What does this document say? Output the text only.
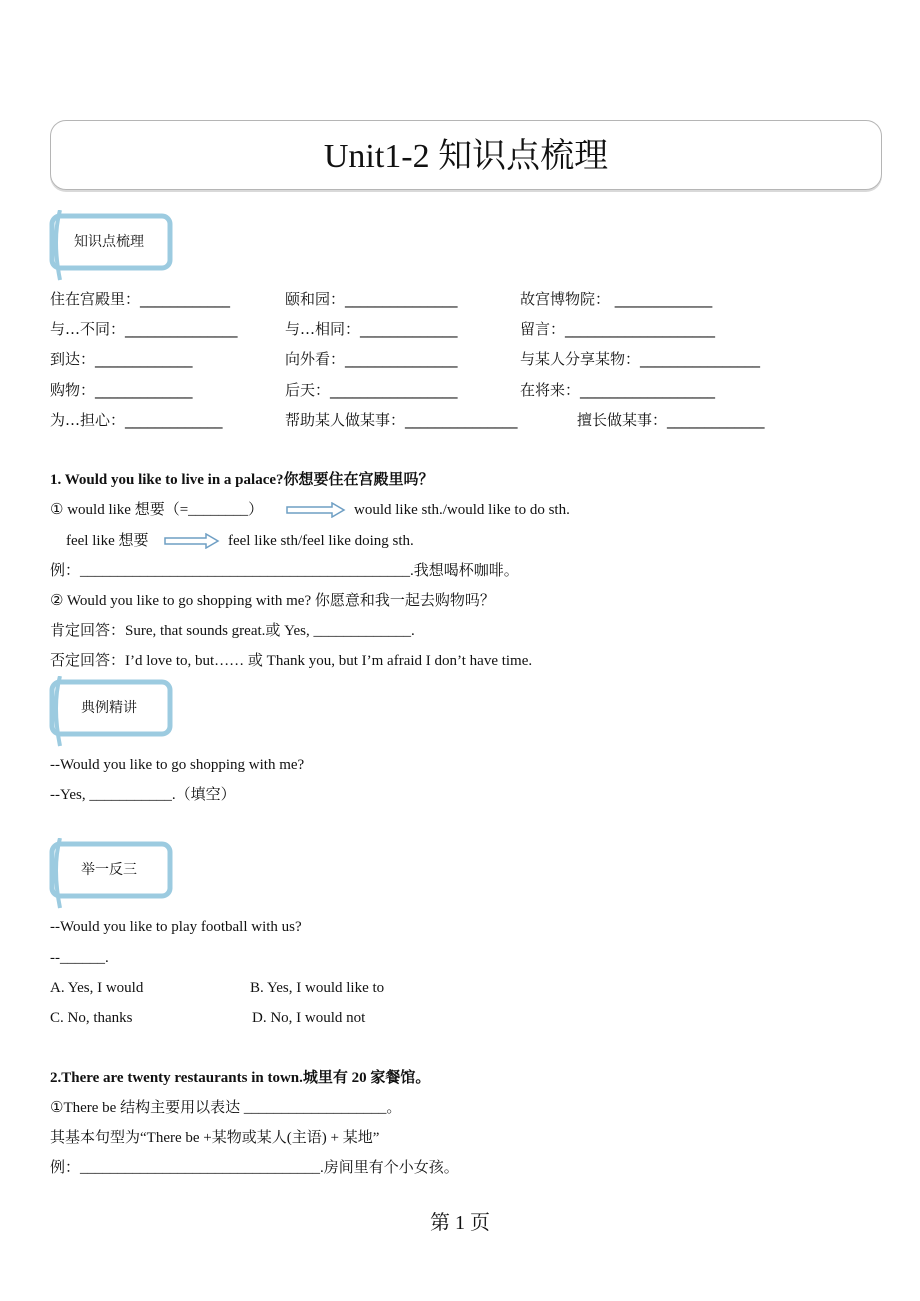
Unit1-2 知识点梳理
知识点梳理
住在宫殿里：____________	颐和园：_______________	故宫博物院： _____________
与…不同：_______________	与…相同：_____________	留言：____________________
到达：_____________	向外看：_______________	与某人分享某物：________________
购物：_____________	后天：_________________	在将来：__________________
为…担心：_____________	帮助某人做某事：_______________	擅长做某事：_____________
1. Would you like to live in a palace?你想要住在宫殿里吗？
① would like 想要（=________）	would like sth./would like to do sth.
feel like 想要	feel like sth/feel like doing sth.
例：____________________________________________.我想喝杯咖啡。
② Would you like to go shopping with me? 你愿意和我一起去购物吗？
肯定回答：Sure, that sounds great.或 Yes, _____________.
否定回答：I’d love to, but…… 或 Thank you, but I’m afraid I don’t have time.
典例精讲
--Would you like to go shopping with me?
--Yes, ___________.（填空）
举一反三
--Would you like to play football with us?
--______.
A. Yes, I would	B. Yes, I would like to
C. No, thanks	D. No, I would not
2.There are twenty restaurants in town.城里有 20 家餐馆。
①There be 结构主要用以表达 ___________________。
其基本句型为“There be +某物或某人(主语) + 某地”
例：________________________________.房间里有个小女孩。
第 1 页
